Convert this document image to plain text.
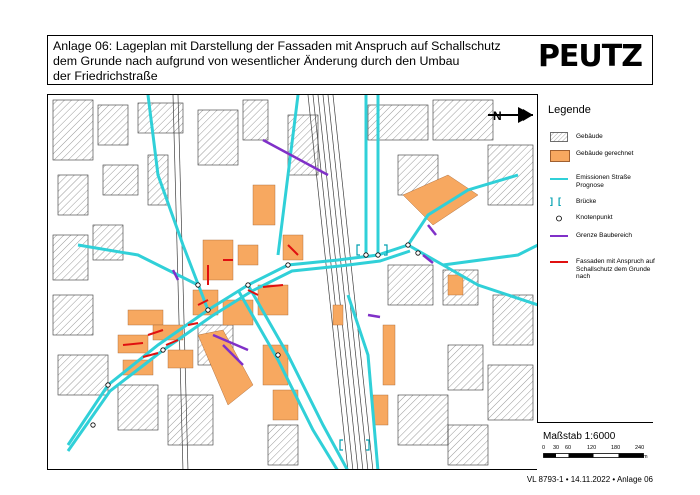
Anlage 06: Lageplan mit Darstellung der Fassaden mit Anspruch auf Schallschutz
dem Grunde nach aufgrund von wesentlicher Änderung durch den Umbau
der Friedrichstraße
PEUTZ
N	Legende
Gebäude
Gebäude gerechnet
Emissionen Straße Prognose
]  [	Brücke
Knotenpunkt
Grenze Baubereich
Fassaden mit Anspruch auf Schallschutz dem Grunde nach
Maßstab 1:6000
0 30 60	120	180	240
m
VL 8793-1 • 14.11.2022 • Anlage 06
